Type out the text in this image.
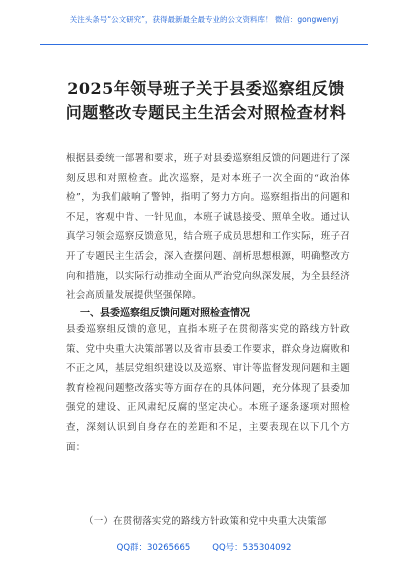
关注头条号“公文研究”，获得最新最全最专业的公文资料库！ 微信：gongwenyj
2025年领导班子关于县委巡察组反馈
问题整改专题民主生活会对照检查材料
根据县委统一部署和要求，班子对县委巡察组反馈的问题进行了深刻反思和对照检查。此次巡察，是对本班子一次全面的“政治体检”，为我们敲响了警钟，指明了努力方向。巡察组指出的问题和不足，客观中肯、一针见血，本班子诚恳接受、照单全收。通过认真学习领会巡察反馈意见，结合班子成员思想和工作实际，班子召开了专题民主生活会，深入查摆问题、剖析思想根源，明确整改方向和措施，以实际行动推动全面从严治党向纵深发展，为全县经济社会高质量发展提供坚强保障。
一、县委巡察组反馈问题对照检查情况
县委巡察组反馈的意见，直指本班子在贯彻落实党的路线方针政策、党中央重大决策部署以及省市县委工作要求，群众身边腐败和不正之风，基层党组织建设以及巡察、审计等监督发现问题和主题教育检视问题整改落实等方面存在的具体问题，充分体现了县委加强党的建设、正风肃纪反腐的坚定决心。本班子逐条逐项对照检查，深刻认识到自身存在的差距和不足，主要表现在以下几个方面：
（一）在贯彻落实党的路线方针政策和党中央重大决策部
QQ群：30265665	QQ号：535304092
